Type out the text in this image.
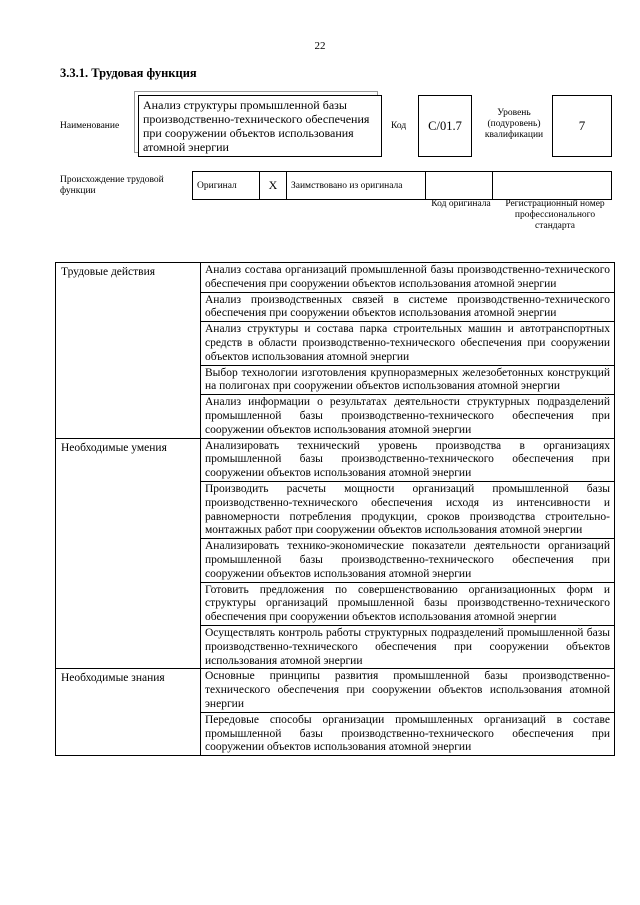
22
3.3.1. Трудовая функция
Наименование
Анализ структуры промышленной базы производственно-технического обеспечения при сооружении объектов использования атомной энергии
Код	С/01.7
Уровень (подуровень) квалификации
7
Происхождение трудовой функции
Оригинал	X	Заимствовано из оригинала		
Код оригинала	Регистрационный номер профессионального стандарта
Трудовые действия	Анализ состава организаций промышленной базы производственно-технического обеспечения при сооружении объектов использования атомной энергии
	Анализ производственных связей в системе производственно-технического обеспечения при сооружении объектов использования атомной энергии
	Анализ структуры и состава парка строительных машин и автотранспортных средств в области производственно-технического обеспечения при сооружении объектов использования атомной энергии
	Выбор технологии изготовления крупноразмерных железобетонных конструкций на полигонах при сооружении объектов использования атомной энергии
	Анализ информации о результатах деятельности структурных подразделений промышленной базы производственно-технического обеспечения при сооружении объектов использования атомной энергии
Необходимые умения	Анализировать технический уровень производства в организациях промышленной базы производственно-технического обеспечения при сооружении объектов использования атомной энергии
	Производить расчеты мощности организаций промышленной базы производственно-технического обеспечения исходя из интенсивности и равномерности потребления продукции, сроков производства строительно-монтажных работ при сооружении объектов использования атомной энергии
	Анализировать технико-экономические показатели деятельности организаций промышленной базы производственно-технического обеспечения при сооружении объектов использования атомной энергии
	Готовить предложения по совершенствованию организационных форм и структуры организаций промышленной базы производственно-технического обеспечения при сооружении объектов использования атомной энергии
	Осуществлять контроль работы структурных подразделений промышленной базы производственно-технического обеспечения при сооружении объектов использования атомной энергии
Необходимые знания	Основные принципы развития промышленной базы производственно-технического обеспечения при сооружении объектов использования атомной энергии
	Передовые способы организации промышленных организаций в составе промышленной базы производственно-технического обеспечения при сооружении объектов использования атомной энергии
